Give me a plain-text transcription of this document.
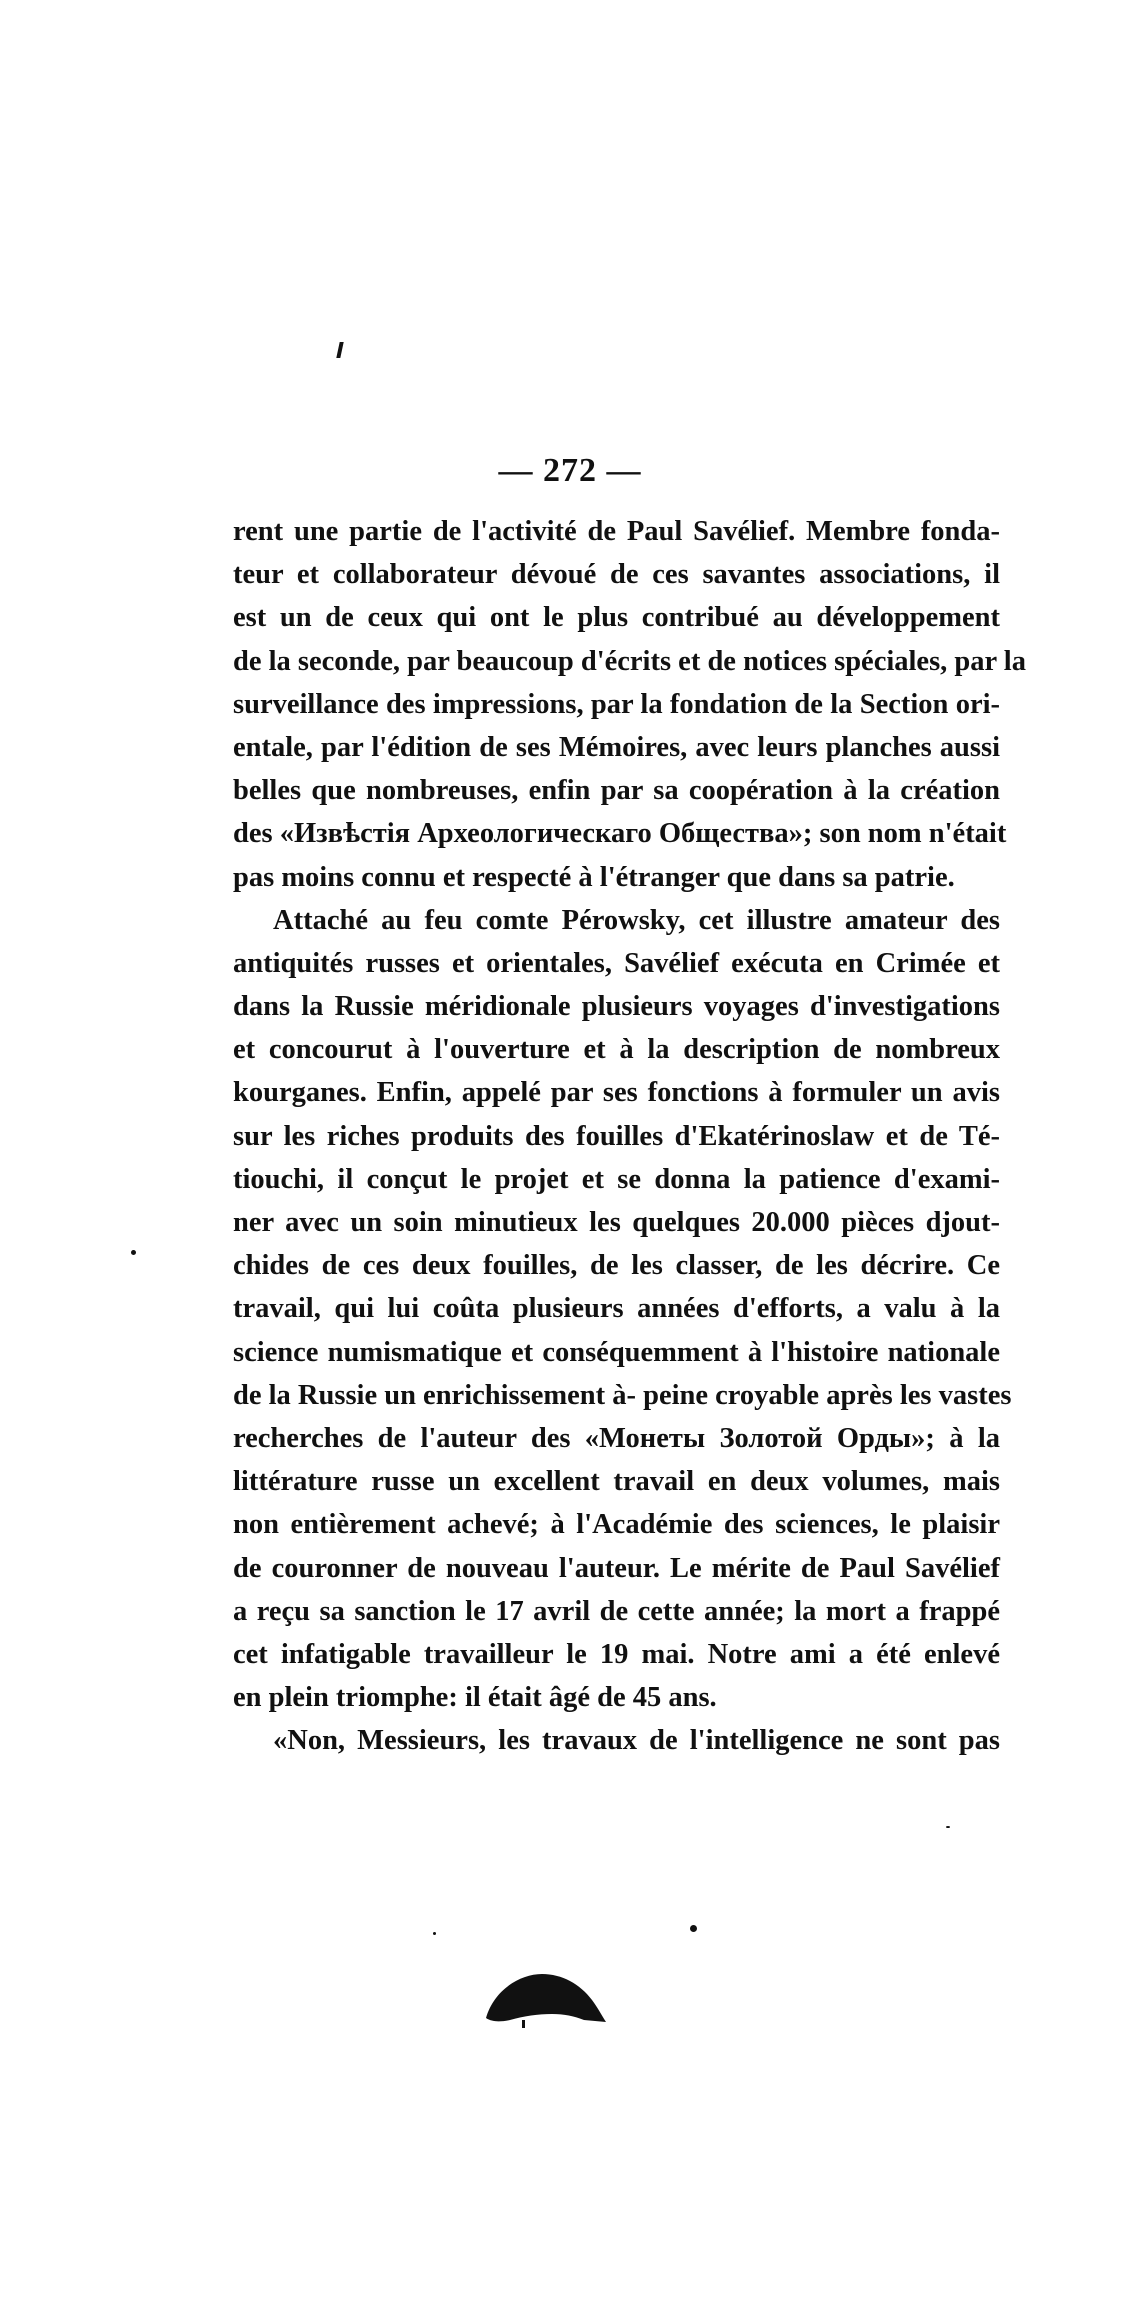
— 272 —
rent une partie de l'activité de Paul Savélief. Membre fonda-
teur et collaborateur dévoué de ces savantes associations, il
est un de ceux qui ont le plus contribué au développement
de la seconde, par beaucoup d'écrits et de notices spéciales, par la
surveillance des impressions, par la fondation de la Section ori-
entale, par l'édition de ses Mémoires, avec leurs planches aussi
belles que nombreuses, enfin par sa coopération à la création
des «Извѣстія Археологическаго Общества»; son nom n'était
pas moins connu et respecté à l'étranger que dans sa patrie.
Attaché au feu comte Pérowsky, cet illustre amateur des
antiquités russes et orientales, Savélief exécuta en Crimée et
dans la Russie méridionale plusieurs voyages d'investigations
et concourut à l'ouverture et à la description de nombreux
kourganes. Enfin, appelé par ses fonctions à formuler un avis
sur les riches produits des fouilles d'Ekatérinoslaw et de Té-
tiouchi, il conçut le projet et se donna la patience d'exami-
ner avec un soin minutieux les quelques 20.000 pièces djout-
chides de ces deux fouilles, de les classer, de les décrire. Ce
travail, qui lui coûta plusieurs années d'efforts, a valu à la
science numismatique et conséquemment à l'histoire nationale
de la Russie un enrichissement à- peine croyable après les vastes
recherches de l'auteur des «Монеты Золотой Орды»; à la
littérature russe un excellent travail en deux volumes, mais
non entièrement achevé; à l'Académie des sciences, le plaisir
de couronner de nouveau l'auteur. Le mérite de Paul Savélief
a reçu sa sanction le 17 avril de cette année; la mort a frappé
cet infatigable travailleur le 19 mai. Notre ami a été enlevé
en plein triomphe: il était âgé de 45 ans.
«Non, Messieurs, les travaux de l'intelligence ne sont pas
